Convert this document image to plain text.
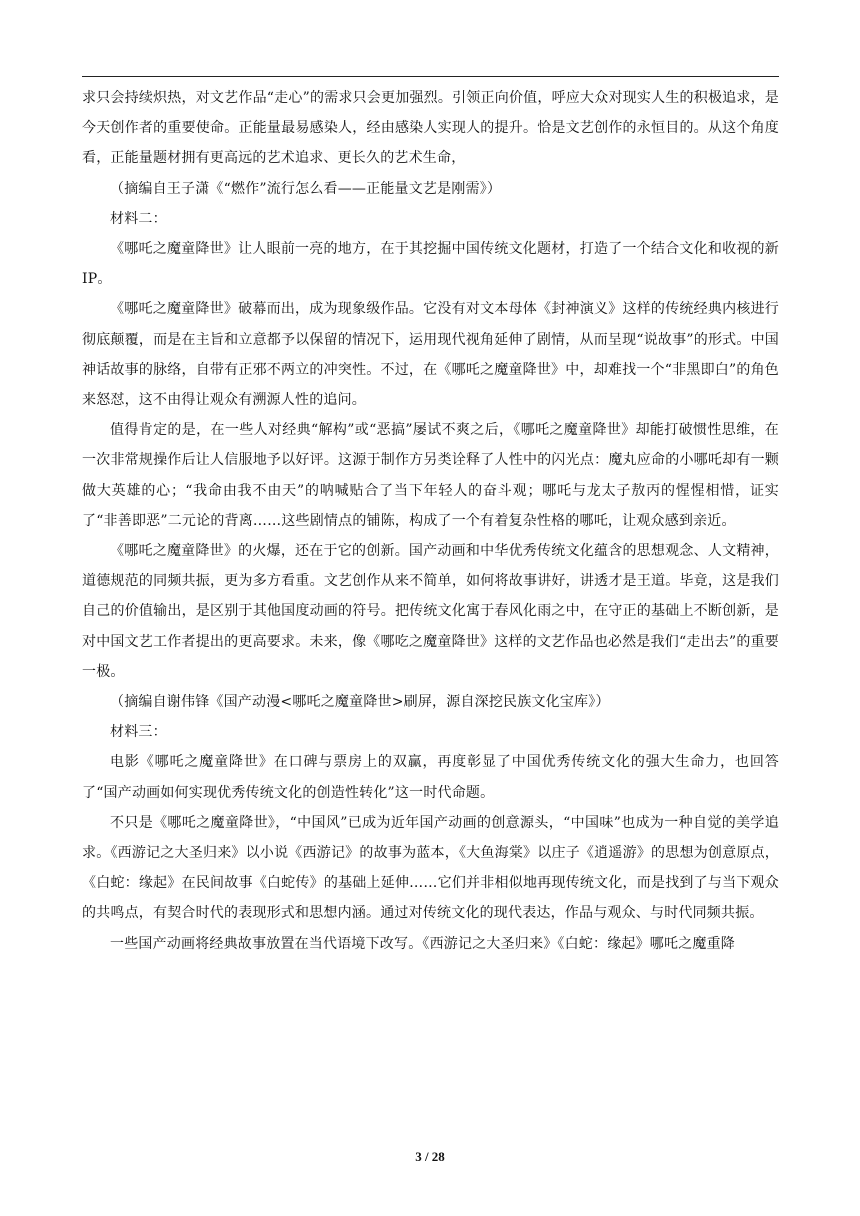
求只会持续炽热，对文艺作品“走心”的需求只会更加强烈。引领正向价值，呼应大众对现实人生的积极追求，是今天创作者的重要使命。正能量最易感染人，经由感染人实现人的提升。恰是文艺创作的永恒目的。从这个角度看，正能量题材拥有更高远的艺术追求、更长久的艺术生命，

（摘编自王子潇《“燃作”流行怎么看——正能量文艺是刚需》）

材料二：

《哪吒之魔童降世》让人眼前一亮的地方，在于其挖掘中国传统文化题材，打造了一个结合文化和收视的新 IP。

《哪吒之魔童降世》破幕而出，成为现象级作品。它没有对文本母体《封神演义》这样的传统经典内核进行彻底颠覆，而是在主旨和立意都予以保留的情况下，运用现代视角延伸了剧情，从而呈现“说故事”的形式。中国神话故事的脉络，自带有正邪不两立的冲突性。不过，在《哪吒之魔童降世》中，却难找一个“非黑即白”的角色来怒怼，这不由得让观众有溯源人性的追问。

值得肯定的是，在一些人对经典“解构”或“恶搞”屡试不爽之后，《哪吒之魔童降世》却能打破惯性思维，在一次非常规操作后让人信服地予以好评。这源于制作方另类诠释了人性中的闪光点：魔丸应命的小哪吒却有一颗做大英雄的心；“我命由我不由天”的呐喊贴合了当下年轻人的奋斗观；哪吒与龙太子敖丙的惺惺相惜，证实了“非善即恶”二元论的背离……这些剧情点的铺陈，构成了一个有着复杂性格的哪吒，让观众感到亲近。

《哪吒之魔童降世》的火爆，还在于它的创新。国产动画和中华优秀传统文化蕴含的思想观念、人文精神，道德规范的同频共振，更为多方看重。文艺创作从来不简单，如何将故事讲好，讲透才是王道。毕竟，这是我们自己的价值输出，是区别于其他国度动画的符号。把传统文化寓于春风化雨之中，在守正的基础上不断创新，是对中国文艺工作者提出的更高要求。未来，像《哪吃之魔童降世》这样的文艺作品也必然是我们“走出去”的重要一极。

（摘编自谢伟锋《国产动漫<哪吒之魔童降世>刷屏，源自深挖民族文化宝库》）

材料三：

电影《哪吒之魔童降世》在口碑与票房上的双赢，再度彰显了中国优秀传统文化的强大生命力，也回答了“国产动画如何实现优秀传统文化的创造性转化”这一时代命题。

不只是《哪吒之魔童降世》，“中国风”已成为近年国产动画的创意源头，“中国味”也成为一种自觉的美学追求。《西游记之大圣归来》以小说《西游记》的故事为蓝本，《大鱼海棠》以庄子《逍遥游》的思想为创意原点，《白蛇：缘起》在民间故事《白蛇传》的基础上延伸……它们并非相似地再现传统文化，而是找到了与当下观众的共鸣点，有契合时代的表现形式和思想内涵。通过对传统文化的现代表达，作品与观众、与时代同频共振。

一些国产动画将经典故事放置在当代语境下改写。《西游记之大圣归来》《白蛇：缘起》哪吒之魔重降

3 / 28
